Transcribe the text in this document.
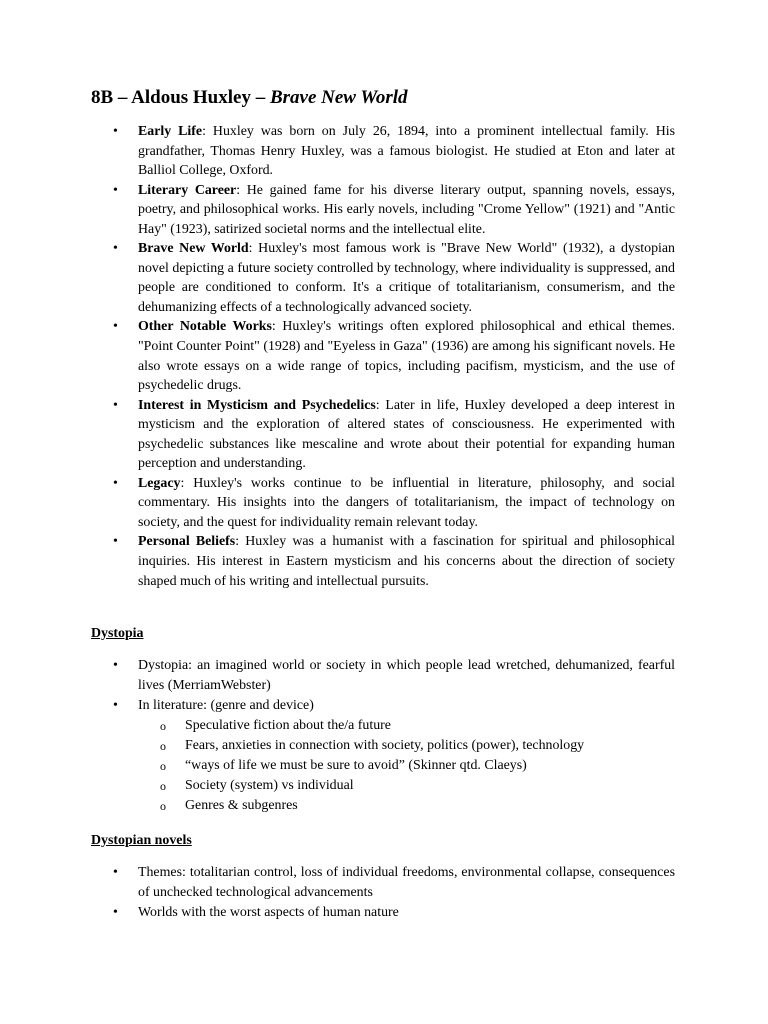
8B – Aldous Huxley – Brave New World
• Early Life: Huxley was born on July 26, 1894, into a prominent intellectual family. His grandfather, Thomas Henry Huxley, was a famous biologist. He studied at Eton and later at Balliol College, Oxford.
• Literary Career: He gained fame for his diverse literary output, spanning novels, essays, poetry, and philosophical works. His early novels, including "Crome Yellow" (1921) and "Antic Hay" (1923), satirized societal norms and the intellectual elite.
• Brave New World: Huxley's most famous work is "Brave New World" (1932), a dystopian novel depicting a future society controlled by technology, where individuality is suppressed, and people are conditioned to conform. It's a critique of totalitarianism, consumerism, and the dehumanizing effects of a technologically advanced society.
• Other Notable Works: Huxley's writings often explored philosophical and ethical themes. "Point Counter Point" (1928) and "Eyeless in Gaza" (1936) are among his significant novels. He also wrote essays on a wide range of topics, including pacifism, mysticism, and the use of psychedelic drugs.
• Interest in Mysticism and Psychedelics: Later in life, Huxley developed a deep interest in mysticism and the exploration of altered states of consciousness. He experimented with psychedelic substances like mescaline and wrote about their potential for expanding human perception and understanding.
• Legacy: Huxley's works continue to be influential in literature, philosophy, and social commentary. His insights into the dangers of totalitarianism, the impact of technology on society, and the quest for individuality remain relevant today.
• Personal Beliefs: Huxley was a humanist with a fascination for spiritual and philosophical inquiries. His interest in Eastern mysticism and his concerns about the direction of society shaped much of his writing and intellectual pursuits.
Dystopia
• Dystopia: an imagined world or society in which people lead wretched, dehumanized, fearful lives (MerriamWebster)
• In literature: (genre and device)
o Speculative fiction about the/a future
o Fears, anxieties in connection with society, politics (power), technology
o “ways of life we must be sure to avoid” (Skinner qtd. Claeys)
o Society (system) vs individual
o Genres & subgenres
Dystopian novels
• Themes: totalitarian control, loss of individual freedoms, environmental collapse, consequences of unchecked technological advancements
• Worlds with the worst aspects of human nature
